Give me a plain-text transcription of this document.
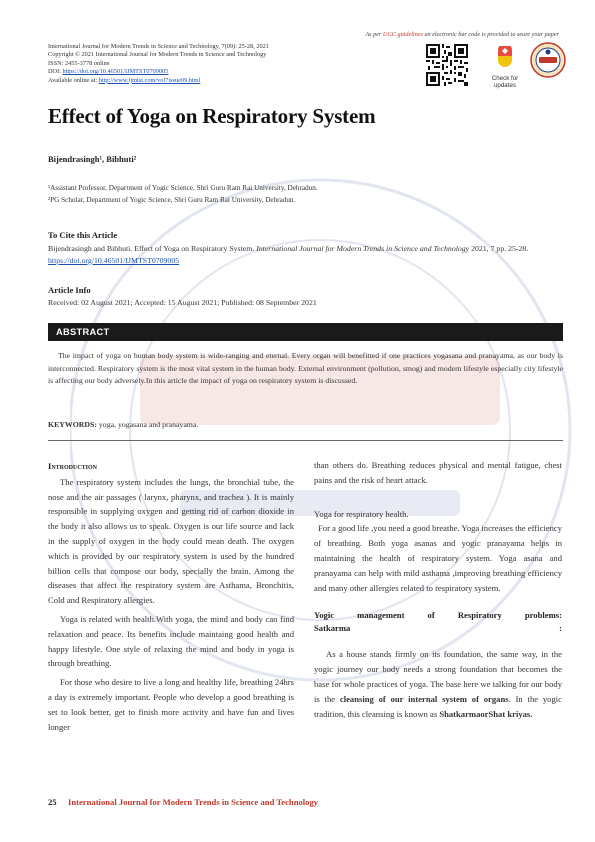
As per UGC guidelines an electronic bar code is provided to seure your paper
International Journal for Modern Trends in Science and Technology, 7(09): 25-28, 2021
Copyright © 2021 International Journal for Modern Trends in Science and Technology
ISSN: 2455-3778 online
DOI: https://doi.org/10.46501/IJMTST0709005
Available online at: http://www.ijmtst.com/vol7issue09.html	Check for
updates
Effect of Yoga on Respiratory System
Bijendrasingh¹, Bibhuti²
¹Assistant Professor, Department of Yogic Science, Shri Guru Ram Rai University, Dehradun.
²PG Scholar, Department of Yogic Science, Shri Guru Ram Rai University, Dehradun.
To Cite this Article
Bijendrasingh and Bibhuti. Effect of Yoga on Respiratory System. International Journal for Modern Trends in Science and Technology 2021, 7 pp. 25-28. https://doi.org/10.46501/IJMTST0709005
Article Info
Received: 02 August 2021; Accepted: 15 August 2021; Published: 08 September 2021
ABSTRACT
The impact of yoga on human body system is wide-ranging and eternal. Every organ will benefitted if one practices yogasana and pranayama, as our body is interconnected. Respiratory system is the most vital system in the human body. External environment (pollution, smog) and modern lifestyle especially city lifestyle is affecting our body adversely.In this article the impact of yoga on respiratory system is discussed.
KEYWORDS: yoga, yogasana and pranayama.
Introduction

The respiratory system includes the lungs, the bronchial tube, the nose and the air passages ( larynx, pharynx, and trachea ). It is mainly responsible in supplying oxygen and getting rid of carbon dioxide in the body it also allows us to speak. Oxygen is our life source and lack in the supply of oxygen in the body could mean death. The oxygen which is provided by our respiratory system is used by the hundred billion cells that compose our body, specially the brain. Among the diseases that affect the respiratory system are Asthama, Bronchitis, Cold and Respiratory allergies.

Yoga is related with health.With yoga, the mind and body can find relaxation and peace. Its benefits include maintaing good health and happy lifestyle. One style of relaxing the mind and body in yoga is through breathing.

For those who desire to live a long and healthy life, breathing 24hrs a day is extremely important. People who develop a good breathing is set to look better, get to finish more activity and have fun and lives longer

than others do. Breathing reduces physical and mental fatigue, chest pains and the risk of heart attack.

Yoga for respiratory health.

For a good life ,you need a good breathe. Yoga increases the efficiency of breathing. Both yoga asanas and yogic pranayama helps in maintaining the health of respiratory system. Yoga asana and pranayama can help with mild asthama ,improving breathing efficiency and many other allergies related to respiratory system.

Yogic	management	of	Respiratory	problems:
Satkarma	:

As a house stands firmly on its foundation, the same way, in the yogic journey our body needs a strong foundation that becomes the base for whole practices of yoga. The base here we talking for our body is the cleansing of our internal system of organs. In the yogic tradition, this cleansing is known as ShatkarmaorShat kriyas.

25 International Journal for Modern Trends in Science and Technology
